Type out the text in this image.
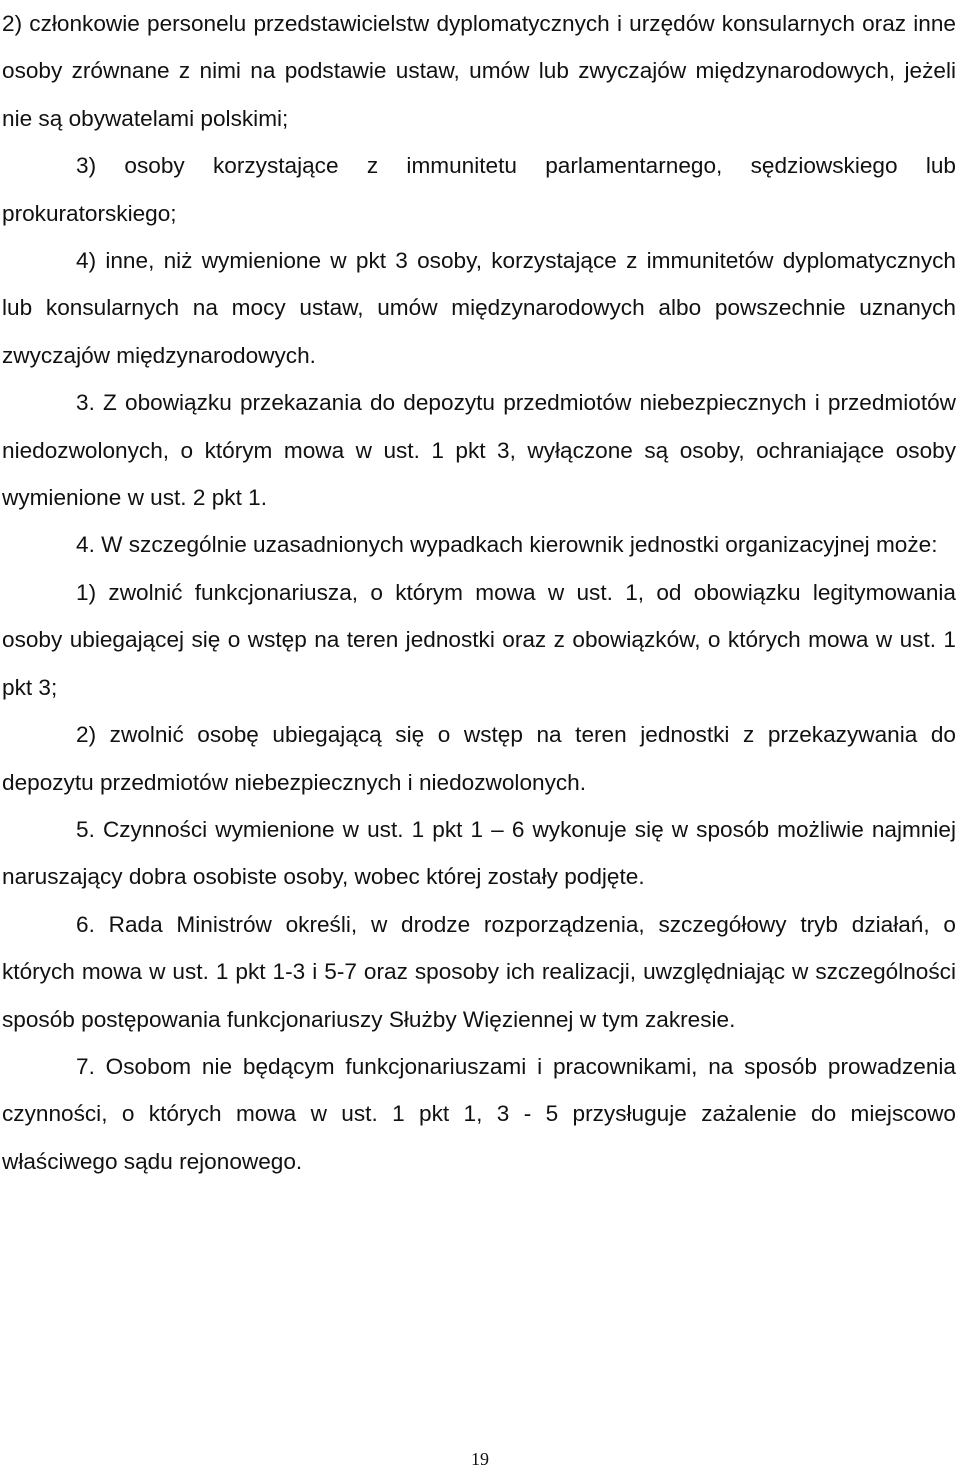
2) członkowie personelu przedstawicielstw dyplomatycznych i urzędów konsularnych oraz inne osoby zrównane z nimi na podstawie ustaw, umów lub zwyczajów międzynarodowych, jeżeli nie są obywatelami polskimi;

3) osoby korzystające z immunitetu parlamentarnego, sędziowskiego lub prokuratorskiego;

4) inne, niż wymienione w pkt 3 osoby, korzystające z immunitetów dyplomatycznych lub konsularnych na mocy ustaw, umów międzynarodowych albo powszechnie uznanych zwyczajów międzynarodowych.

3. Z obowiązku przekazania do depozytu przedmiotów niebezpiecznych i przedmiotów niedozwolonych, o którym mowa w ust. 1 pkt 3, wyłączone są osoby, ochraniające osoby wymienione w ust. 2 pkt 1.

4. W szczególnie uzasadnionych wypadkach kierownik jednostki organizacyjnej może:

1) zwolnić funkcjonariusza, o którym mowa w ust. 1, od obowiązku legitymowania osoby ubiegającej się o wstęp na teren jednostki oraz z obowiązków, o których mowa w ust. 1 pkt 3;

2) zwolnić osobę ubiegającą się o wstęp na teren jednostki z przekazywania do depozytu przedmiotów niebezpiecznych i niedozwolonych.

5. Czynności wymienione w ust. 1 pkt 1 – 6 wykonuje się w sposób możliwie najmniej naruszający dobra osobiste osoby, wobec której zostały podjęte.

6. Rada Ministrów określi, w drodze rozporządzenia, szczegółowy tryb działań, o których mowa w ust. 1 pkt 1-3 i 5-7 oraz sposoby ich realizacji, uwzględniając w szczególności sposób postępowania funkcjonariuszy Służby Więziennej w tym zakresie.

7. Osobom nie będącym funkcjonariuszami i pracownikami, na sposób prowadzenia czynności, o których mowa w ust. 1 pkt 1, 3 - 5 przysługuje zażalenie do miejscowo właściwego sądu rejonowego.

19
